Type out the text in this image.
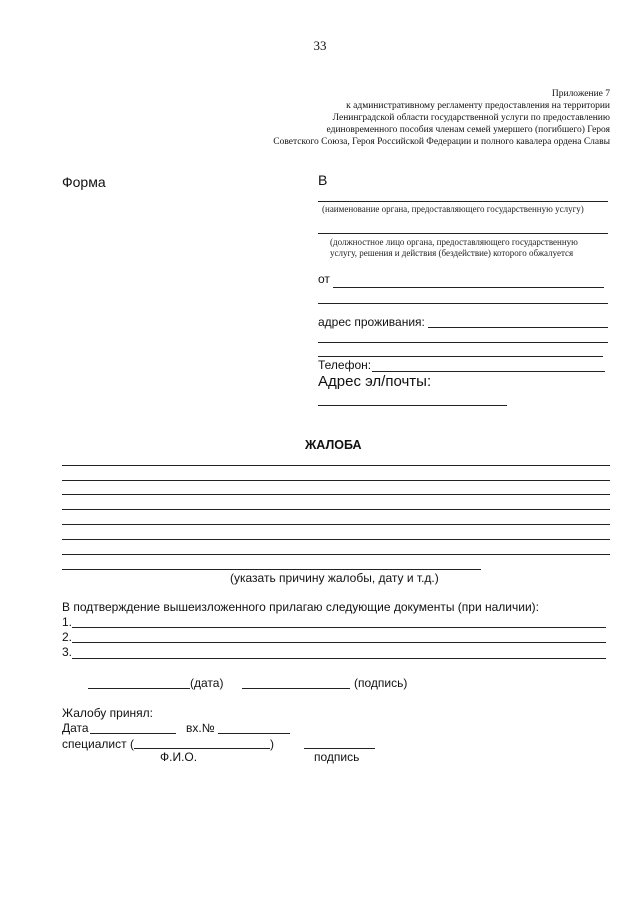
33
Приложение 7
к административному регламенту предоставления на территории
Ленинградской области государственной услуги по предоставлению
единовременного пособия членам семей умершего (погибшего) Героя
Советского Союза, Героя Российской Федерации и полного кавалера ордена Славы
Форма	В
(наименование органа, предоставляющего государственную услугу)
(должностное лицо органа, предоставляющего государственную
услугу, решения и действия (бездействие) которого обжалуется
от
адрес проживания:
Телефон:
Адрес эл/почты:
ЖАЛОБА
(указать причину жалобы, дату и т.д.)
В подтверждение вышеизложенного прилагаю следующие документы (при наличии):
1.
2.
3.
(дата)	(подпись)
Жалобу принял:
Дата	вх.№
специалист (	)
Ф.И.О.	подпись
